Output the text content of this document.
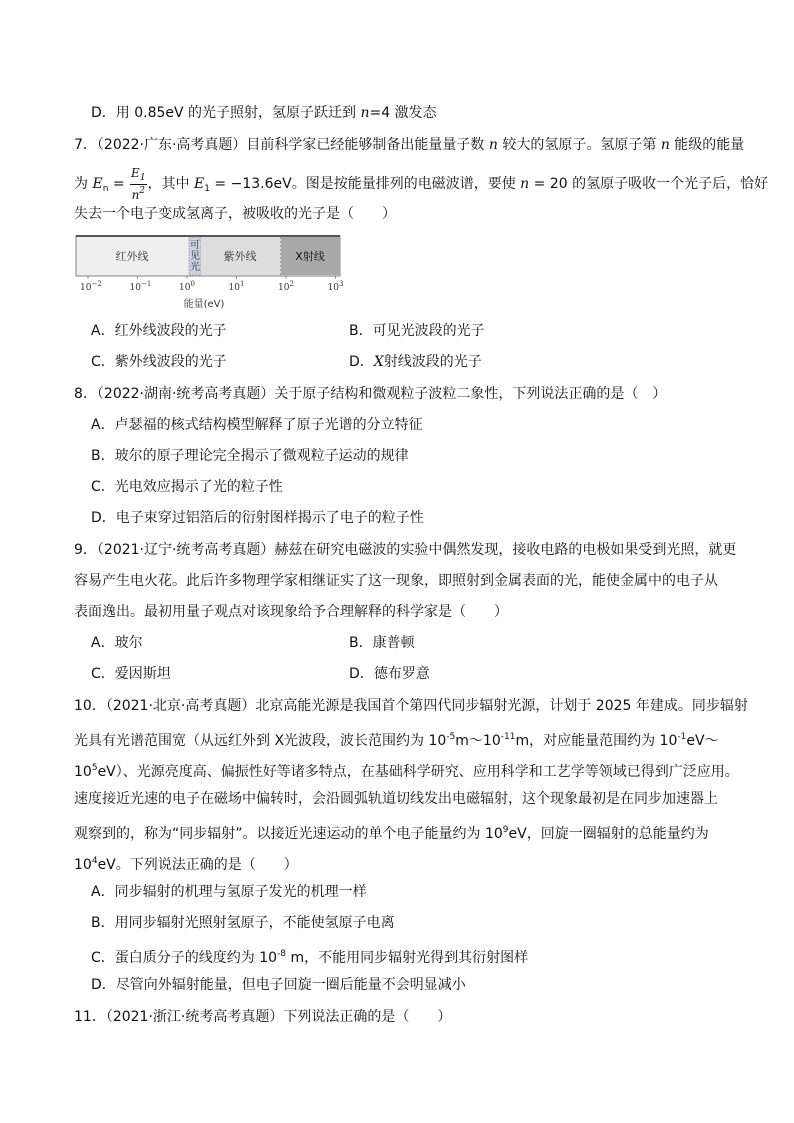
D．用 0.85eV 的光子照射，氢原子跃迁到 n=4 激发态
7．（2022·广东·高考真题）目前科学家已经能够制备出能量量子数 n 较大的氢原子。氢原子第 n 能级的能量
为 $E_n = \frac{E_1}{n^2}$ ，其中 $E_1 = -13.6eV$。图是按能量排列的电磁波谱，要使 n = 20 的氢原子吸收一个光子后，恰好
失去一个电子变成氢离子，被吸收的光子是（　　）
红外线
可
见
光
紫外线	X射线
$10^{-2}$	$10^{-1}$	$10^0$	$10^1$	$10^2$	$10^3$
能量(eV)
A．红外线波段的光子	B．可见光波段的光子
C．紫外线波段的光子	D．X射线波段的光子
8．（2022·湖南·统考高考真题）关于原子结构和微观粒子波粒二象性，下列说法正确的是（　）
A．卢瑟福的核式结构模型解释了原子光谱的分立特征
B．玻尔的原子理论完全揭示了微观粒子运动的规律
C．光电效应揭示了光的粒子性
D．电子束穿过铝箔后的衍射图样揭示了电子的粒子性
9．（2021·辽宁·统考高考真题）赫兹在研究电磁波的实验中偶然发现，接收电路的电极如果受到光照，就更
容易产生电火花。此后许多物理学家相继证实了这一现象，即照射到金属表面的光，能使金属中的电子从
表面逸出。最初用量子观点对该现象给予合理解释的科学家是（　　）
A．玻尔	B．康普顿
C．爱因斯坦	D．德布罗意
10．（2021·北京·高考真题）北京高能光源是我国首个第四代同步辐射光源，计划于 2025 年建成。同步辐射
光具有光谱范围宽（从远红外到 X光波段，波长范围约为 $10^{-5}m\sim 10^{-11}m$，对应能量范围约为 $10^{-1}eV\sim$
$10^5eV$）、光源亮度高、偏振性好等诸多特点，在基础科学研究、应用科学和工艺学等领域已得到广泛应用。
速度接近光速的电子在磁场中偏转时，会沿圆弧轨道切线发出电磁辐射，这个现象最初是在同步加速器上
观察到的，称为“同步辐射”。以接近光速运动的单个电子能量约为 $10^9eV$，回旋一圈辐射的总能量约为
$10^4eV$。下列说法正确的是（　　）
A．同步辐射的机理与氢原子发光的机理一样
B．用同步辐射光照射氢原子，不能使氢原子电离
C．蛋白质分子的线度约为 $10^{-8}$ m，不能用同步辐射光得到其衍射图样
D．尽管向外辐射能量，但电子回旋一圈后能量不会明显减小
11．（2021·浙江·统考高考真题）下列说法正确的是（　　）
